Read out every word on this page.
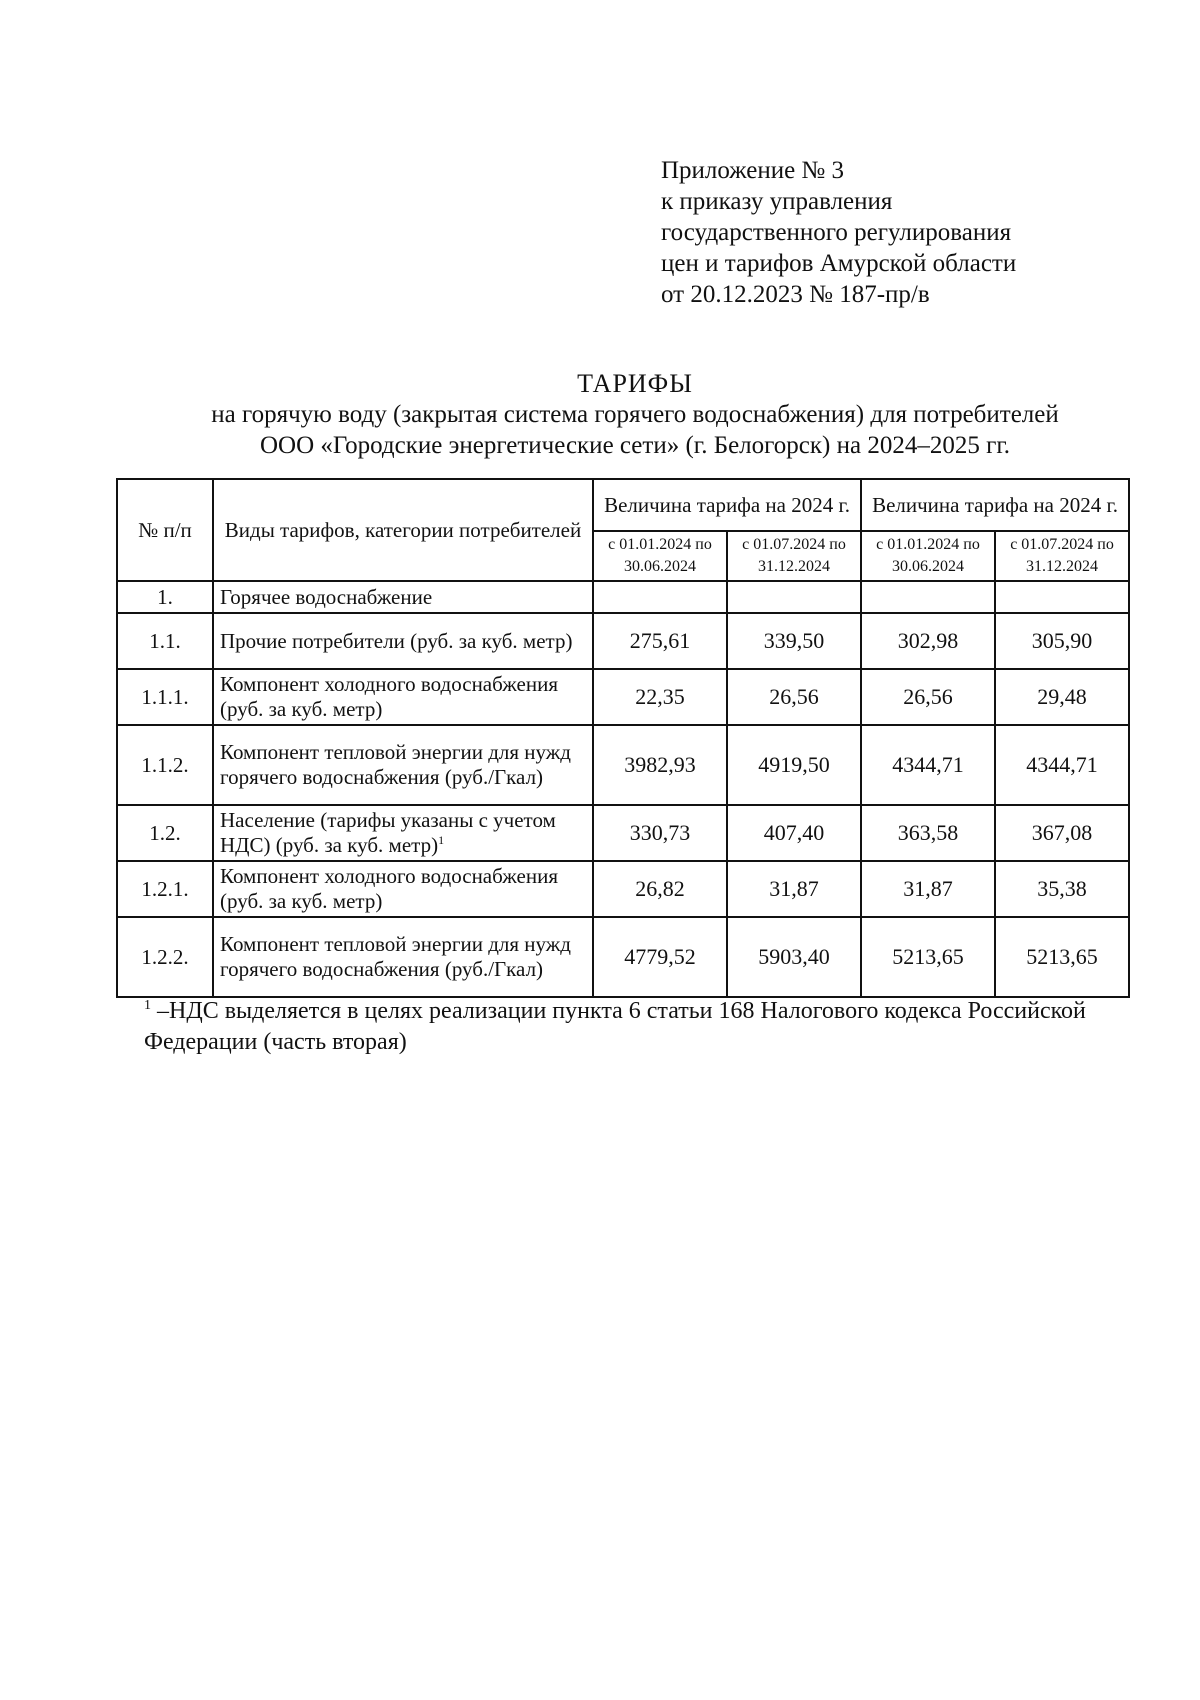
Приложение № 3
к приказу управления
государственного регулирования
цен и тарифов Амурской области
от 20.12.2023 № 187-пр/в
ТАРИФЫ
на горячую воду (закрытая система горячего водоснабжения) для потребителей
ООО «Городские энергетические сети» (г. Белогорск) на 2024–2025 гг.
№ п/п	Виды тарифов, категории потребителей	Величина тарифа на 2024 г.		Величина тарифа на 2024 г.	
		с 01.01.2024 по 30.06.2024	с 01.07.2024 по 31.12.2024	с 01.01.2024 по 30.06.2024	с 01.07.2024 по 31.12.2024
1.	Горячее водоснабжение				
1.1.	Прочие потребители (руб. за куб. метр)	275,61	339,50	302,98	305,90
1.1.1.	Компонент холодного водоснабжения (руб. за куб. метр)	22,35	26,56	26,56	29,48
1.1.2.	Компонент тепловой энергии для нужд горячего водоснабжения (руб./Гкал)	3982,93	4919,50	4344,71	4344,71
1.2.	Население (тарифы указаны с учетом НДС) (руб. за куб. метр)$^1$	330,73	407,40	363,58	367,08
1.2.1.	Компонент холодного водоснабжения (руб. за куб. метр)	26,82	31,87	31,87	35,38
1.2.2.	Компонент тепловой энергии для нужд горячего водоснабжения (руб./Гкал)	4779,52	5903,40	5213,65	5213,65
$^1$ –НДС выделяется в целях реализации пункта 6 статьи 168 Налогового кодекса Российской Федерации (часть вторая)
